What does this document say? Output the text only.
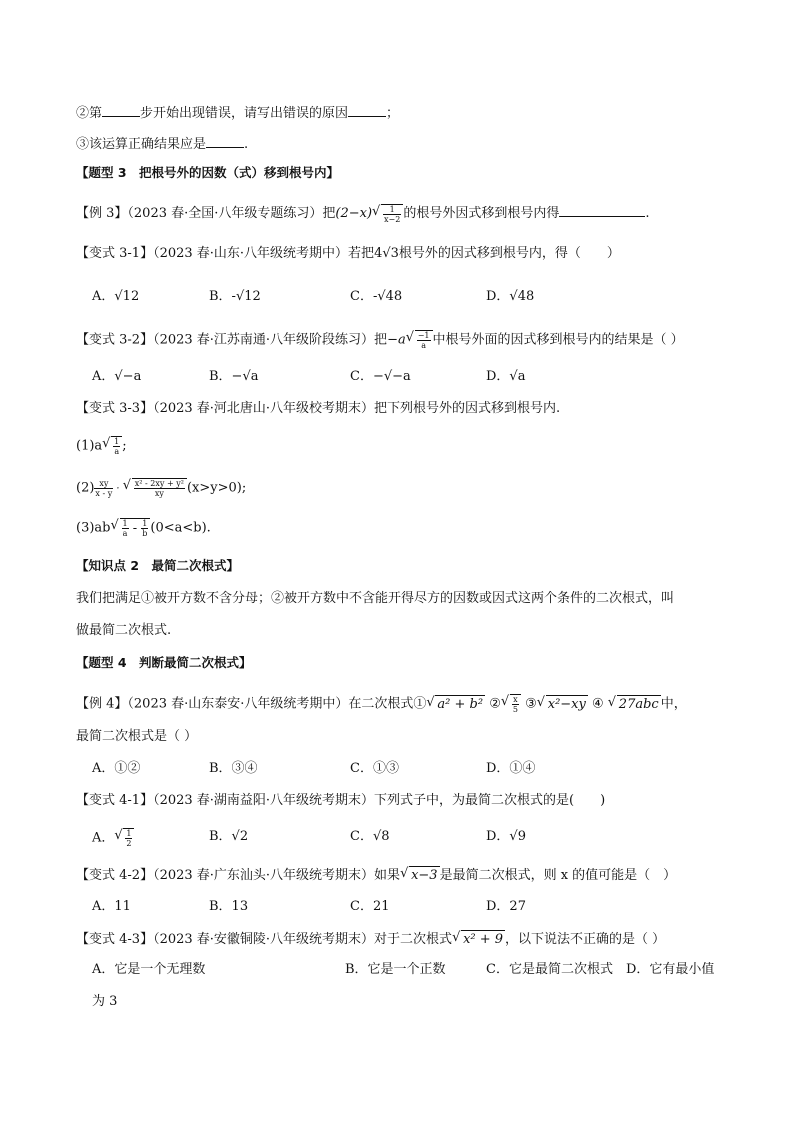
②第	步开始出现错误，请写出错误的原因	；
③该运算正确结果应是	.
【题型 3　把根号外的因数（式）移到根号内】
【例 3】（2023 春·全国·八年级专题练习）把(2−x) √ $\frac{1}{x-2}$ 的根号外因式移到根号内得	.
【变式 3-1】（2023 春·山东·八年级统考期中）若把4√3根号外的因式移到根号内，得（　　）
A．√12	B．-√12	C．-√48	D．√48
【变式 3-2】（2023 春·江苏南通·八年级阶段练习）把−a √ $\frac{-1}{a}$ 中根号外面的因式移到根号内的结果是（ ）
A．√−a	B．−√a	C．−√−a	D．√a
【变式 3-3】（2023 春·河北唐山·八年级校考期末）把下列根号外的因式移到根号内.
(1)a √ $\frac{1}{a}$ ;
$(2) \frac{xy}{x - y}$ · √ $\frac{\text{x² - 2xy + y²}}{xy} (x>y>0)$;
(3)ab √ $\frac{1}{a} - \frac{1}{b} (0<a<b)$.
【知识点 2　最简二次根式】
我们把满足①被开方数不含分母；②被开方数中不含能开得尽方的因数或因式这两个条件的二次根式，叫
做最简二次根式.
【题型 4　判断最简二次根式】
【例 4】（2023 春·山东泰安·八年级统考期中）在二次根式① √ a² + b² ② √ $\frac{x}{5}$ ③ √ x²−xy ④ √ 27abc 中，
最简二次根式是（ ）
A．①②	B．③④	C．①③	D．①④
【变式 4-1】（2023 春·湖南益阳·八年级统考期末）下列式子中，为最简二次根式的是(　　)
A． √ $\frac{1}{2}$	B．√2	C．√8	D．√9
【变式 4-2】（2023 春·广东汕头·八年级统考期末）如果 √ x−3 是最简二次根式，则 x 的值可能是（　）
A．11	B．13	C．21	D．27
【变式 4-3】（2023 春·安徽铜陵·八年级统考期末）对于二次根式 √ x² + 9 ，以下说法不正确的是（ ）
A．它是一个无理数	B．它是一个正数	C．它是最简二次根式 D．它有最小值
为 3
